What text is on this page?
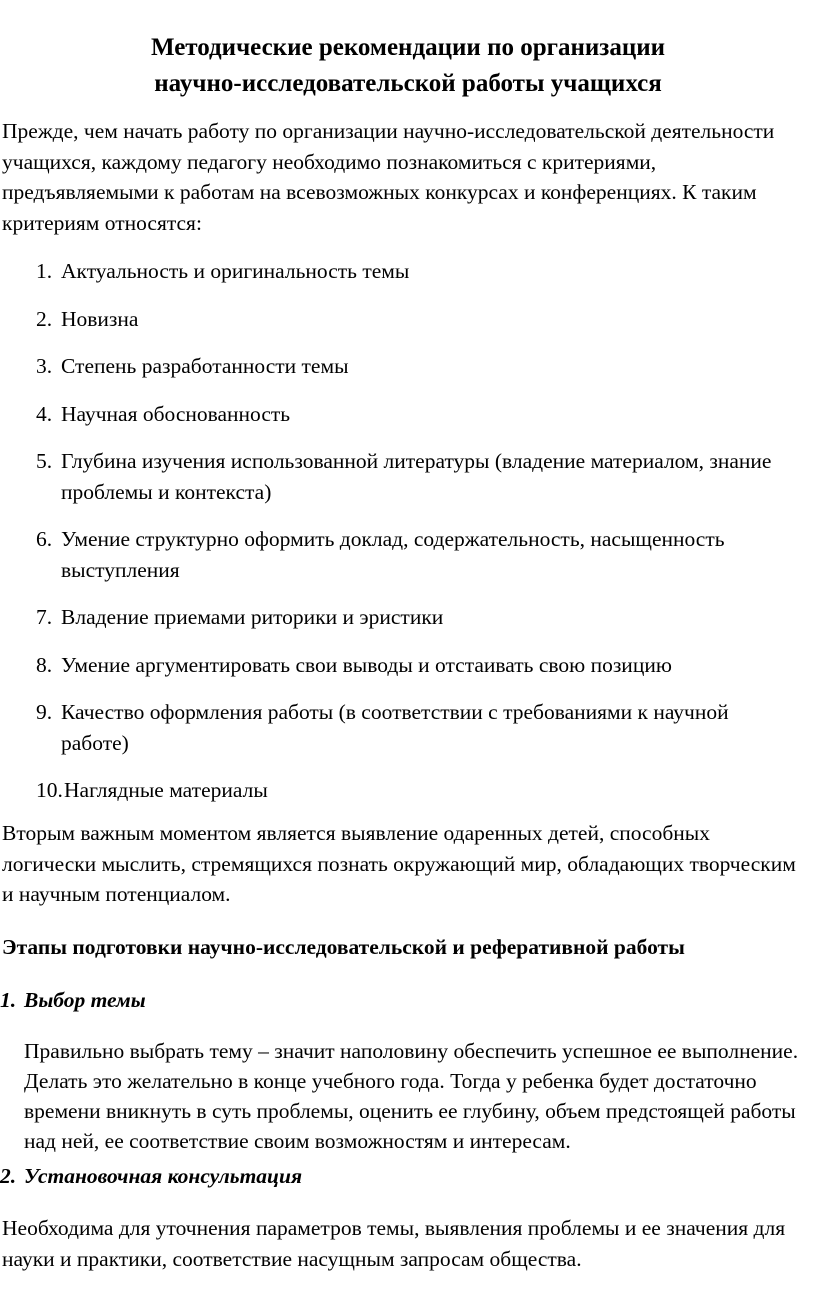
Методические рекомендации по организации
научно-исследовательской работы учащихся

Прежде, чем начать работу по организации научно-исследовательской деятельности учащихся, каждому педагогу необходимо познакомиться с критериями, предъявляемыми к работам на всевозможных конкурсах и конференциях. К таким критериям относятся:

1. Актуальность и оригинальность темы
2. Новизна
3. Степень разработанности темы
4. Научная обоснованность
5. Глубина изучения использованной литературы (владение материалом, знание проблемы и контекста)
6. Умение структурно оформить доклад, содержательность, насыщенность выступления
7. Владение приемами риторики и эристики
8. Умение аргументировать свои выводы и отстаивать свою позицию
9. Качество оформления работы (в соответствии с требованиями к научной работе)
10. Наглядные материалы

Вторым важным моментом является выявление одаренных детей, способных логически мыслить, стремящихся познать окружающий мир, обладающих творческим и научным потенциалом.

Этапы подготовки научно-исследовательской и реферативной работы
1. Выбор темы

Правильно выбрать тему – значит наполовину обеспечить успешное ее выполнение. Делать это желательно в конце учебного года. Тогда у ребенка будет достаточно времени вникнуть в суть проблемы, оценить ее глубину, объем предстоящей работы над ней, ее соответствие своим возможностям и интересам.

2. Установочная консультация

Необходима для уточнения параметров темы, выявления проблемы и ее значения для науки и практики, соответствие насущным запросам общества.
